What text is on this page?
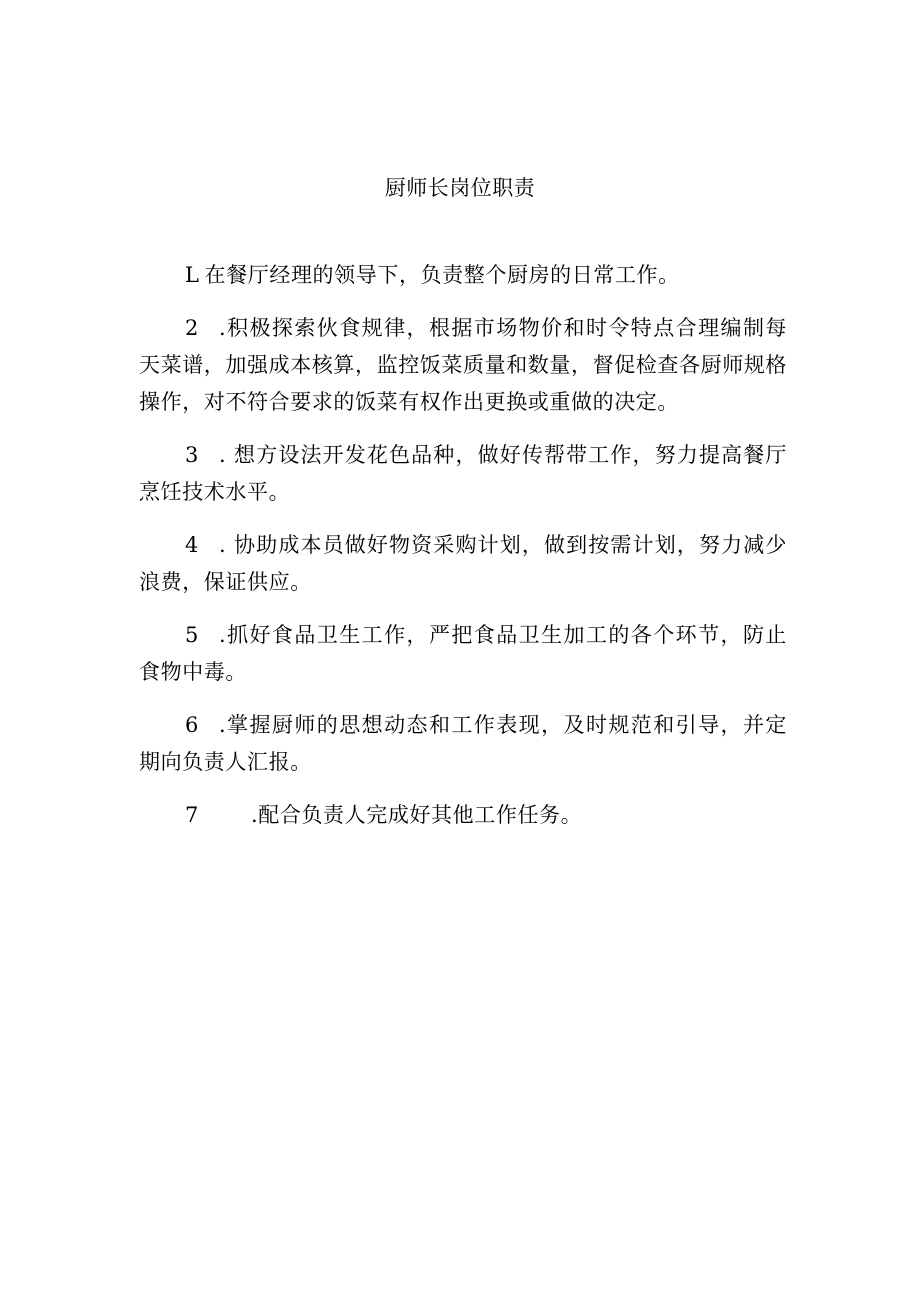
厨师长岗位职责

L 在餐厅经理的领导下，负责整个厨房的日常工作。

2 .积极探索伙食规律，根据市场物价和时令特点合理编制每天菜谱，加强成本核算，监控饭菜质量和数量，督促检查各厨师规格操作，对不符合要求的饭菜有权作出更换或重做的决定。

3 . 想方设法开发花色品种，做好传帮带工作，努力提高餐厅烹饪技术水平。

4 . 协助成本员做好物资采购计划，做到按需计划，努力减少浪费，保证供应。

5 .抓好食品卫生工作，严把食品卫生加工的各个环节，防止食物中毒。

6 .掌握厨师的思想动态和工作表现，及时规范和引导，并定期向负责人汇报。

7 .配合负责人完成好其他工作任务。
